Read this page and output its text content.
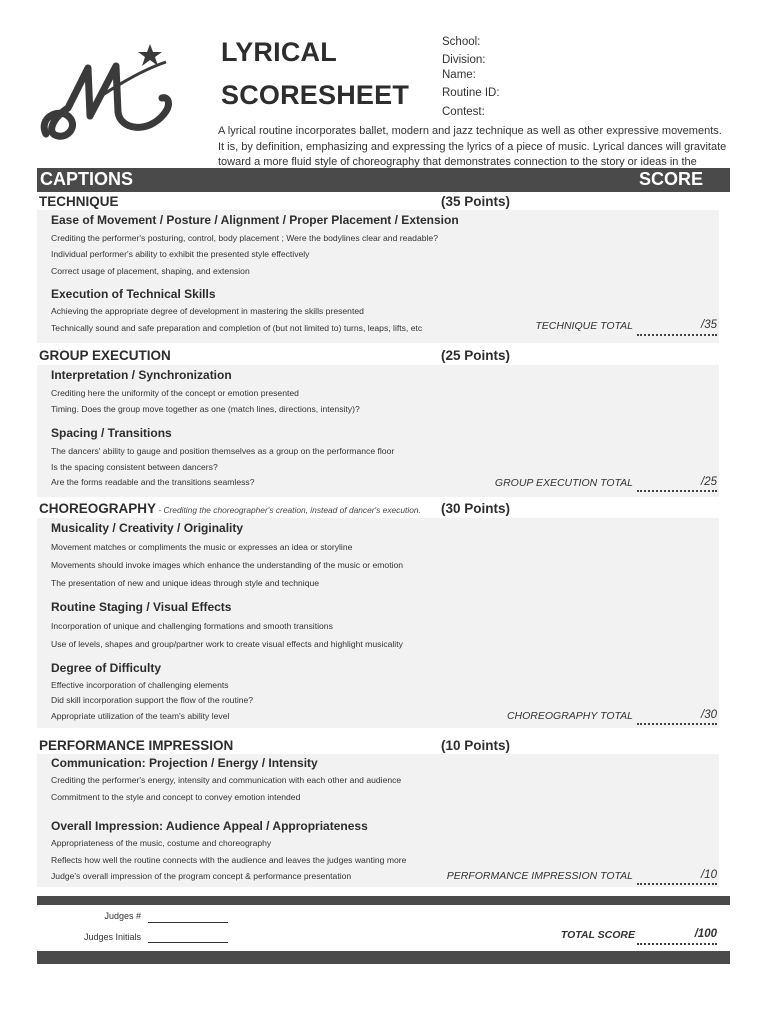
LYRICAL
SCORESHEET
School:
Division:
Name:
Routine ID:
Contest:
A lyrical routine incorporates ballet, modern and jazz technique as well as other expressive movements. It is, by definition, emphasizing and expressing the lyrics of a piece of music. Lyrical dances will gravitate toward a more fluid style of choreography that demonstrates connection to the story or ideas in the
CAPTIONS	SCORE
TECHNIQUE	(35 Points)
Ease of Movement / Posture / Alignment / Proper Placement / Extension
Crediting the performer's posturing, control, body placement ; Were the bodylines clear and readable?
Individual performer's ability to exhibit the presented style effectively
Correct usage of placement, shaping, and extension
Execution of Technical Skills
Achieving the appropriate degree of development in mastering the skills presented
Technically sound and safe preparation and completion of (but not limited to) turns, leaps, lifts, etc	TECHNIQUE TOTAL	/35
GROUP EXECUTION	(25 Points)
Interpretation / Synchronization
Crediting here the uniformity of the concept or emotion presented
Timing. Does the group move together as one (match lines, directions, intensity)?
Spacing / Transitions
The dancers' ability to gauge and position themselves as a group on the performance floor
Is the spacing consistent between dancers?
Are the forms readable and the transitions seamless?	GROUP EXECUTION TOTAL	/25
CHOREOGRAPHY - Crediting the choreographer's creation, instead of dancer's execution. (30 Points)
Musicality / Creativity / Originality
Movement matches or compliments the music or expresses an idea or storyline
Movements should invoke images which enhance the understanding of the music or emotion
The presentation of new and unique ideas through style and technique
Routine Staging / Visual Effects
Incorporation of unique and challenging formations and smooth transitions
Use of levels, shapes and group/partner work to create visual effects and highlight musicality
Degree of Difficulty
Effective incorporation of challenging elements
Did skill incorporation support the flow of the routine?
Appropriate utilization of the team's ability level	CHOREOGRAPHY TOTAL	/30
PERFORMANCE IMPRESSION	(10 Points)
Communication: Projection / Energy / Intensity
Crediting the performer's energy, intensity and communication with each other and audience
Commitment to the style and concept to convey emotion intended
Overall Impression: Audience Appeal / Appropriateness
Appropriateness of the music, costume and choreography
Reflects how well the routine connects with the audience and leaves the judges wanting more
Judge's overall impression of the program concept & performance presentation	PERFORMANCE IMPRESSION TOTAL	/10
Judges #
Judges Initials	TOTAL SCORE	/100
